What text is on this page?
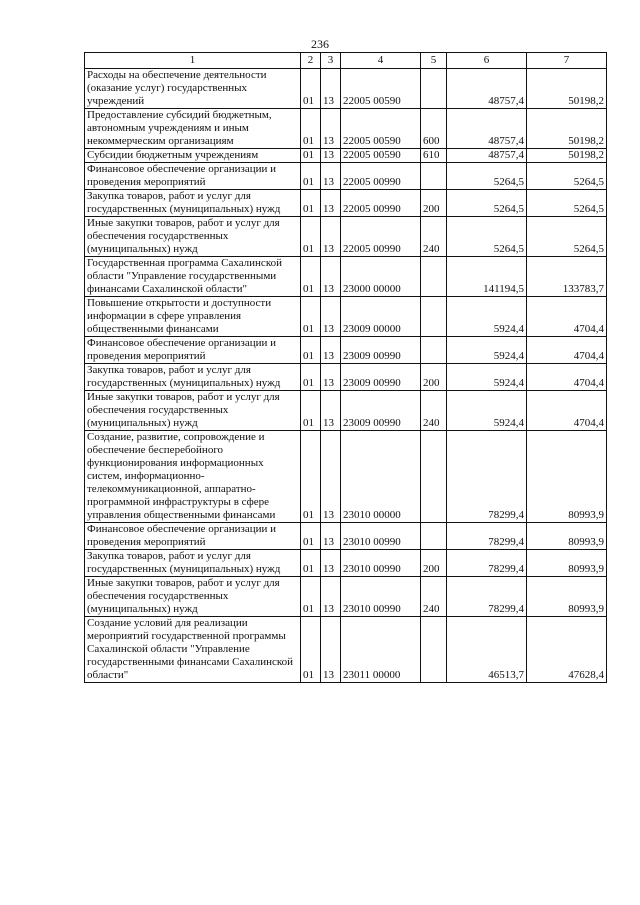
236
1	2	3	4	5	6	7
Расходы на обеспечение деятельности (оказание услуг) государственных учреждений	01	13	22005 00590		48757,4	50198,2
Предоставление субсидий бюджетным, автономным учреждениям и иным некоммерческим организациям	01	13	22005 00590	600	48757,4	50198,2
Субсидии бюджетным учреждениям	01	13	22005 00590	610	48757,4	50198,2
Финансовое обеспечение организации и проведения мероприятий	01	13	22005 00990		5264,5	5264,5
Закупка товаров, работ и услуг для государственных (муниципальных) нужд	01	13	22005 00990	200	5264,5	5264,5
Иные закупки товаров, работ и услуг для обеспечения государственных (муниципальных) нужд	01	13	22005 00990	240	5264,5	5264,5
Государственная программа Сахалинской области "Управление государственными финансами Сахалинской области"	01	13	23000 00000		141194,5	133783,7
Повышение открытости и доступности информации в сфере управления общественными финансами	01	13	23009 00000		5924,4	4704,4
Финансовое обеспечение организации и проведения мероприятий	01	13	23009 00990		5924,4	4704,4
Закупка товаров, работ и услуг для государственных (муниципальных) нужд	01	13	23009 00990	200	5924,4	4704,4
Иные закупки товаров, работ и услуг для обеспечения государственных (муниципальных) нужд	01	13	23009 00990	240	5924,4	4704,4
Создание, развитие, сопровождение и обеспечение бесперебойного функционирования информационных систем, информационно-телекоммуникационной, аппаратно-программной инфраструктуры в сфере управления общественными финансами	01	13	23010 00000		78299,4	80993,9
Финансовое обеспечение организации и проведения мероприятий	01	13	23010 00990		78299,4	80993,9
Закупка товаров, работ и услуг для государственных (муниципальных) нужд	01	13	23010 00990	200	78299,4	80993,9
Иные закупки товаров, работ и услуг для обеспечения государственных (муниципальных) нужд	01	13	23010 00990	240	78299,4	80993,9
Создание условий для реализации мероприятий государственной программы Сахалинской области "Управление государственными финансами Сахалинской области"	01	13	23011 00000		46513,7	47628,4
